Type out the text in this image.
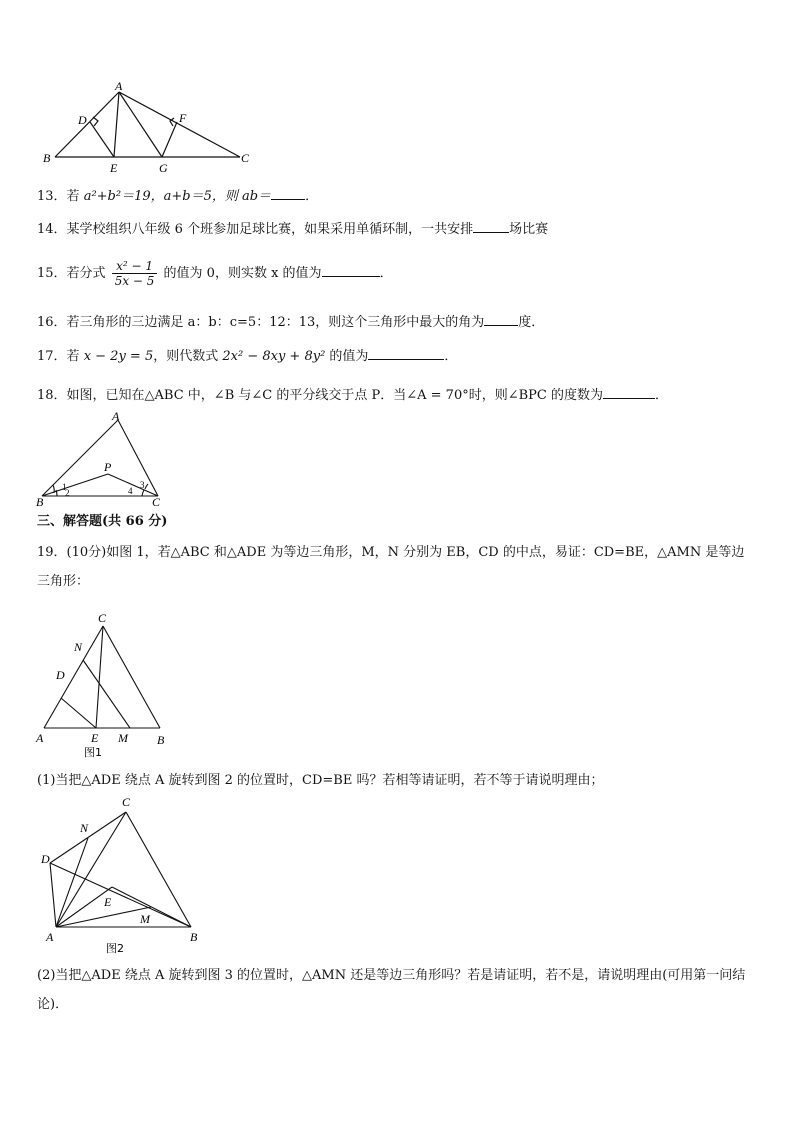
A
B	C
D
E
F
G
13．若 a²+b²＝19，a+b＝5，则 ab＝	．
14．某学校组织八年级 6 个班参加足球比赛，如果采用单循环制，一共安排	场比赛
15．若分式 $\frac{\text{x² − 1}}{5x - 5}$ 的值为 0，则实数 x 的值为	．
16．若三角形的三边满足 a：b：c=5：12：13，则这个三角形中最大的角为	度．
17．若 x − 2y = 5，则代数式 2x² − 8xy + 8y² 的值为	．
18．如图，已知在△ABC 中，∠B 与∠C 的平分线交于点 P．当∠A = 70°时，则∠BPC 的度数为	．
A
P
B	C
1
2
3
4
三、解答题(共 66 分)
19．(10分)如图 1，若△ABC 和△ADE 为等边三角形，M，N 分别为 EB，CD 的中点，易证：CD=BE，△AMN 是等边三角形：
C
N
D
A	E M B
图1
(1)当把△ADE 绕点 A 旋转到图 2 的位置时，CD=BE 吗？若相等请证明，若不等于请说明理由；
C
N
D
E
M
A	B
图2
(2)当把△ADE 绕点 A 旋转到图 3 的位置时，△AMN 还是等边三角形吗？若是请证明，若不是，请说明理由(可用第一问结论)．
